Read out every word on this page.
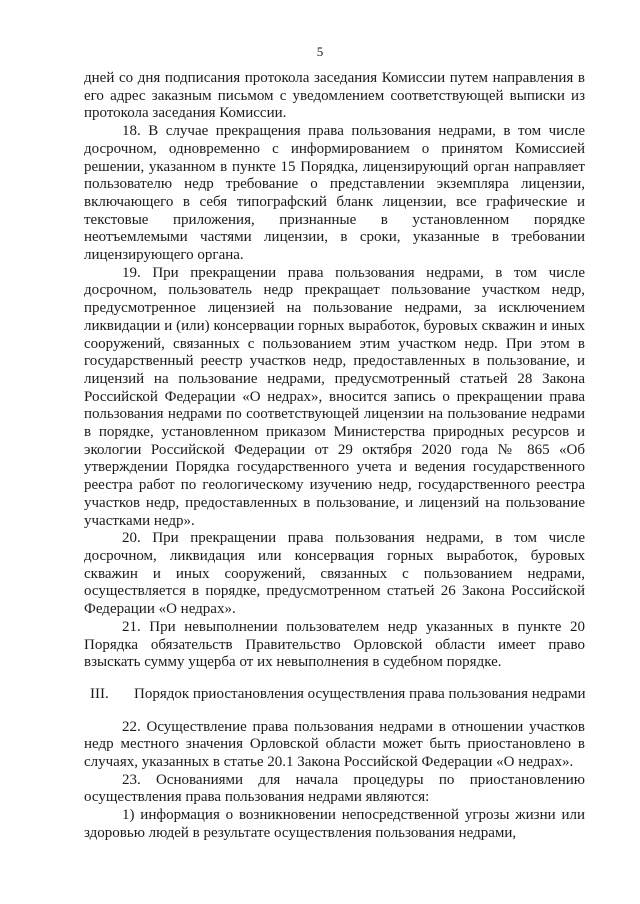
5

дней со дня подписания протокола заседания Комиссии путем направления в его адрес заказным письмом с уведомлением соответствующей выписки из протокола заседания Комиссии.

18. В случае прекращения права пользования недрами, в том числе досрочном, одновременно с информированием о принятом Комиссией решении, указанном в пункте 15 Порядка, лицензирующий орган направляет пользователю недр требование о представлении экземпляра лицензии, включающего в себя типографский бланк лицензии, все графические и текстовые приложения, признанные в установленном порядке неотъемлемыми частями лицензии, в сроки, указанные в требовании лицензирующего органа.

19. При прекращении права пользования недрами, в том числе досрочном, пользователь недр прекращает пользование участком недр, предусмотренное лицензией на пользование недрами, за исключением ликвидации и (или) консервации горных выработок, буровых скважин и иных сооружений, связанных с пользованием этим участком недр. При этом в государственный реестр участков недр, предоставленных в пользование, и лицензий на пользование недрами, предусмотренный статьей 28 Закона Российской Федерации «О недрах», вносится запись о прекращении права пользования недрами по соответствующей лицензии на пользование недрами в порядке, установленном приказом Министерства природных ресурсов и экологии Российской Федерации от 29 октября 2020 года № 865 «Об утверждении Порядка государственного учета и ведения государственного реестра работ по геологическому изучению недр, государственного реестра участков недр, предоставленных в пользование, и лицензий на пользование участками недр».

20. При прекращении права пользования недрами, в том числе досрочном, ликвидация или консервация горных выработок, буровых скважин и иных сооружений, связанных с пользованием недрами, осуществляется в порядке, предусмотренном статьей 26 Закона Российской Федерации «О недрах».

21. При невыполнении пользователем недр указанных в пункте 20 Порядка обязательств Правительство Орловской области имеет право взыскать сумму ущерба от их невыполнения в судебном порядке.

III. Порядок приостановления осуществления права пользования недрами

22. Осуществление права пользования недрами в отношении участков недр местного значения Орловской области может быть приостановлено в случаях, указанных в статье 20.1 Закона Российской Федерации «О недрах».

23. Основаниями для начала процедуры по приостановлению осуществления права пользования недрами являются:

1) информация о возникновении непосредственной угрозы жизни или здоровью людей в результате осуществления пользования недрами,
